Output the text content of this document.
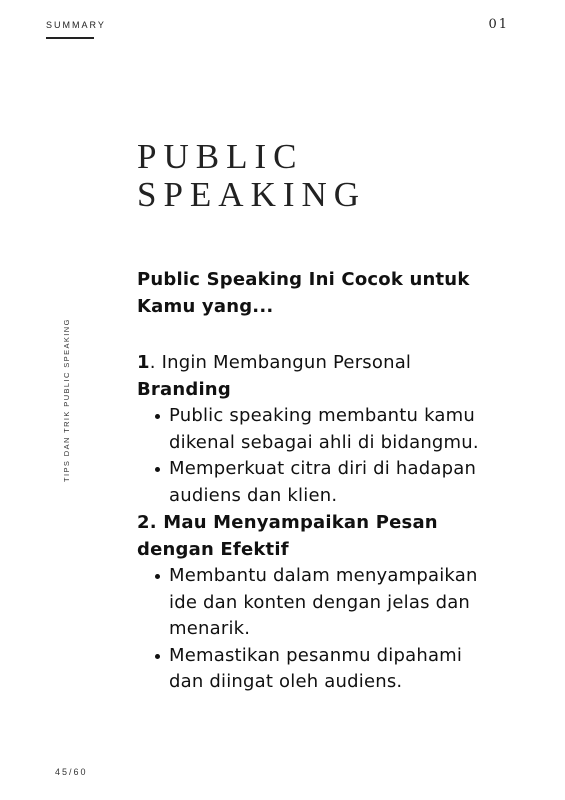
SUMMARY	01
TIPS DAN TRIK PUBLIC SPEAKING
PUBLIC
SPEAKING

Public Speaking Ini Cocok untuk
Kamu yang...

1. Ingin Membangun Personal
Branding

Public speaking membantu kamu
dikenal sebagai ahli di bidangmu.
Memperkuat citra diri di hadapan
audiens dan klien.

2. Mau Menyampaikan Pesan
dengan Efektif

Membantu dalam menyampaikan
ide dan konten dengan jelas dan
menarik.
Memastikan pesanmu dipahami
dan diingat oleh audiens.
45/60
